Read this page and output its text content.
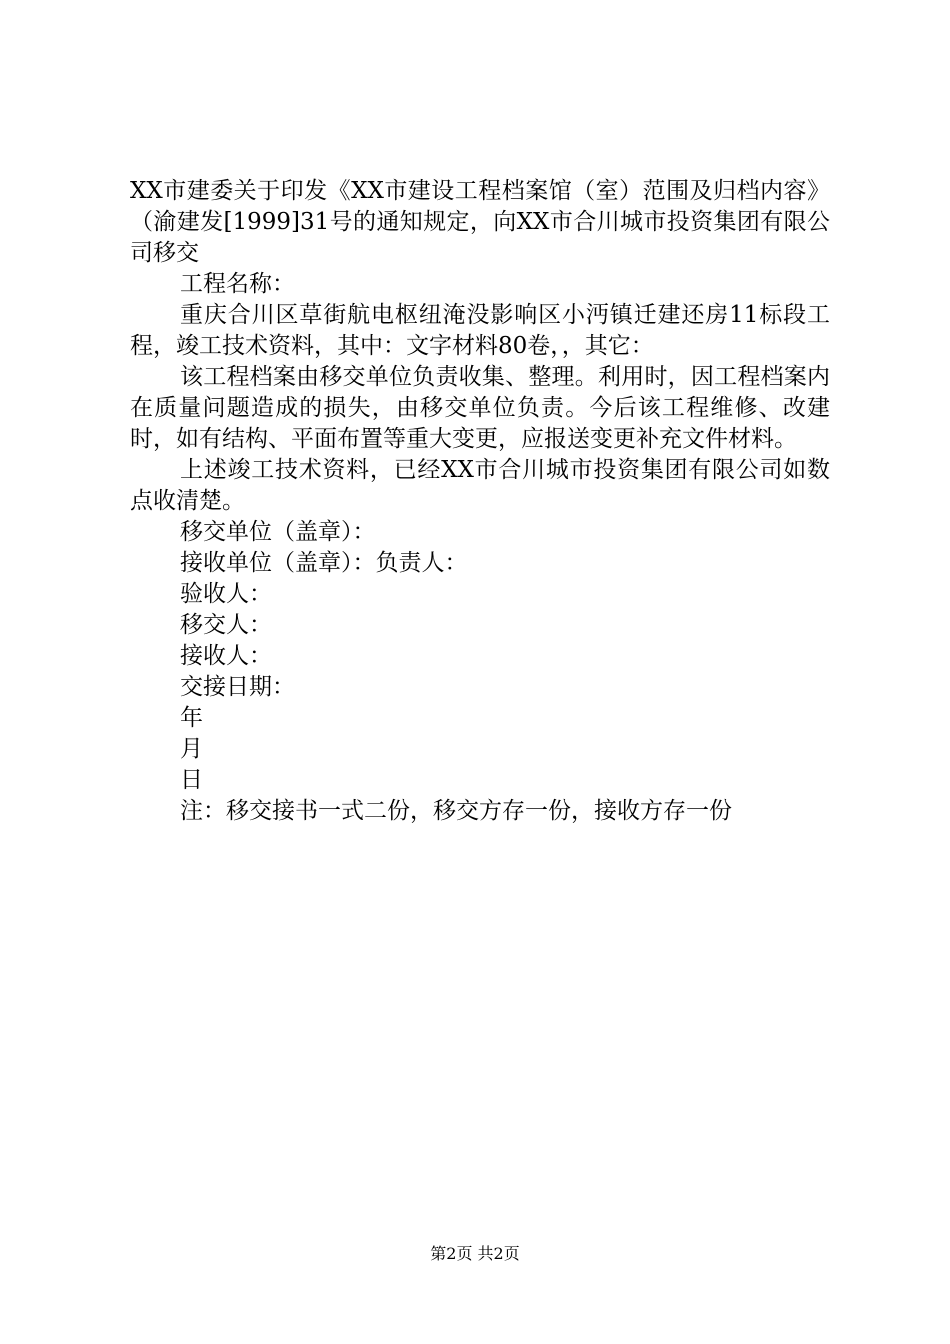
XX市建委关于印发《XX市建设工程档案馆（室）范围及归档内容》（渝建发[1999]31号的通知规定，向XX市合川城市投资集团有限公司移交

工程名称：

重庆合川区草街航电枢纽淹没影响区小沔镇迁建还房11标段工程，竣工技术资料，其中：文字材料80卷，，其它：

该工程档案由移交单位负责收集、整理。利用时，因工程档案内在质量问题造成的损失，由移交单位负责。今后该工程维修、改建时，如有结构、平面布置等重大变更，应报送变更补充文件材料。

上述竣工技术资料，已经XX市合川城市投资集团有限公司如数点收清楚。

移交单位（盖章）：

接收单位（盖章）：负责人：

验收人：

移交人：

接收人：

交接日期：

年

月

日

注：移交接书一式二份，移交方存一份，接收方存一份

第2页 共2页
